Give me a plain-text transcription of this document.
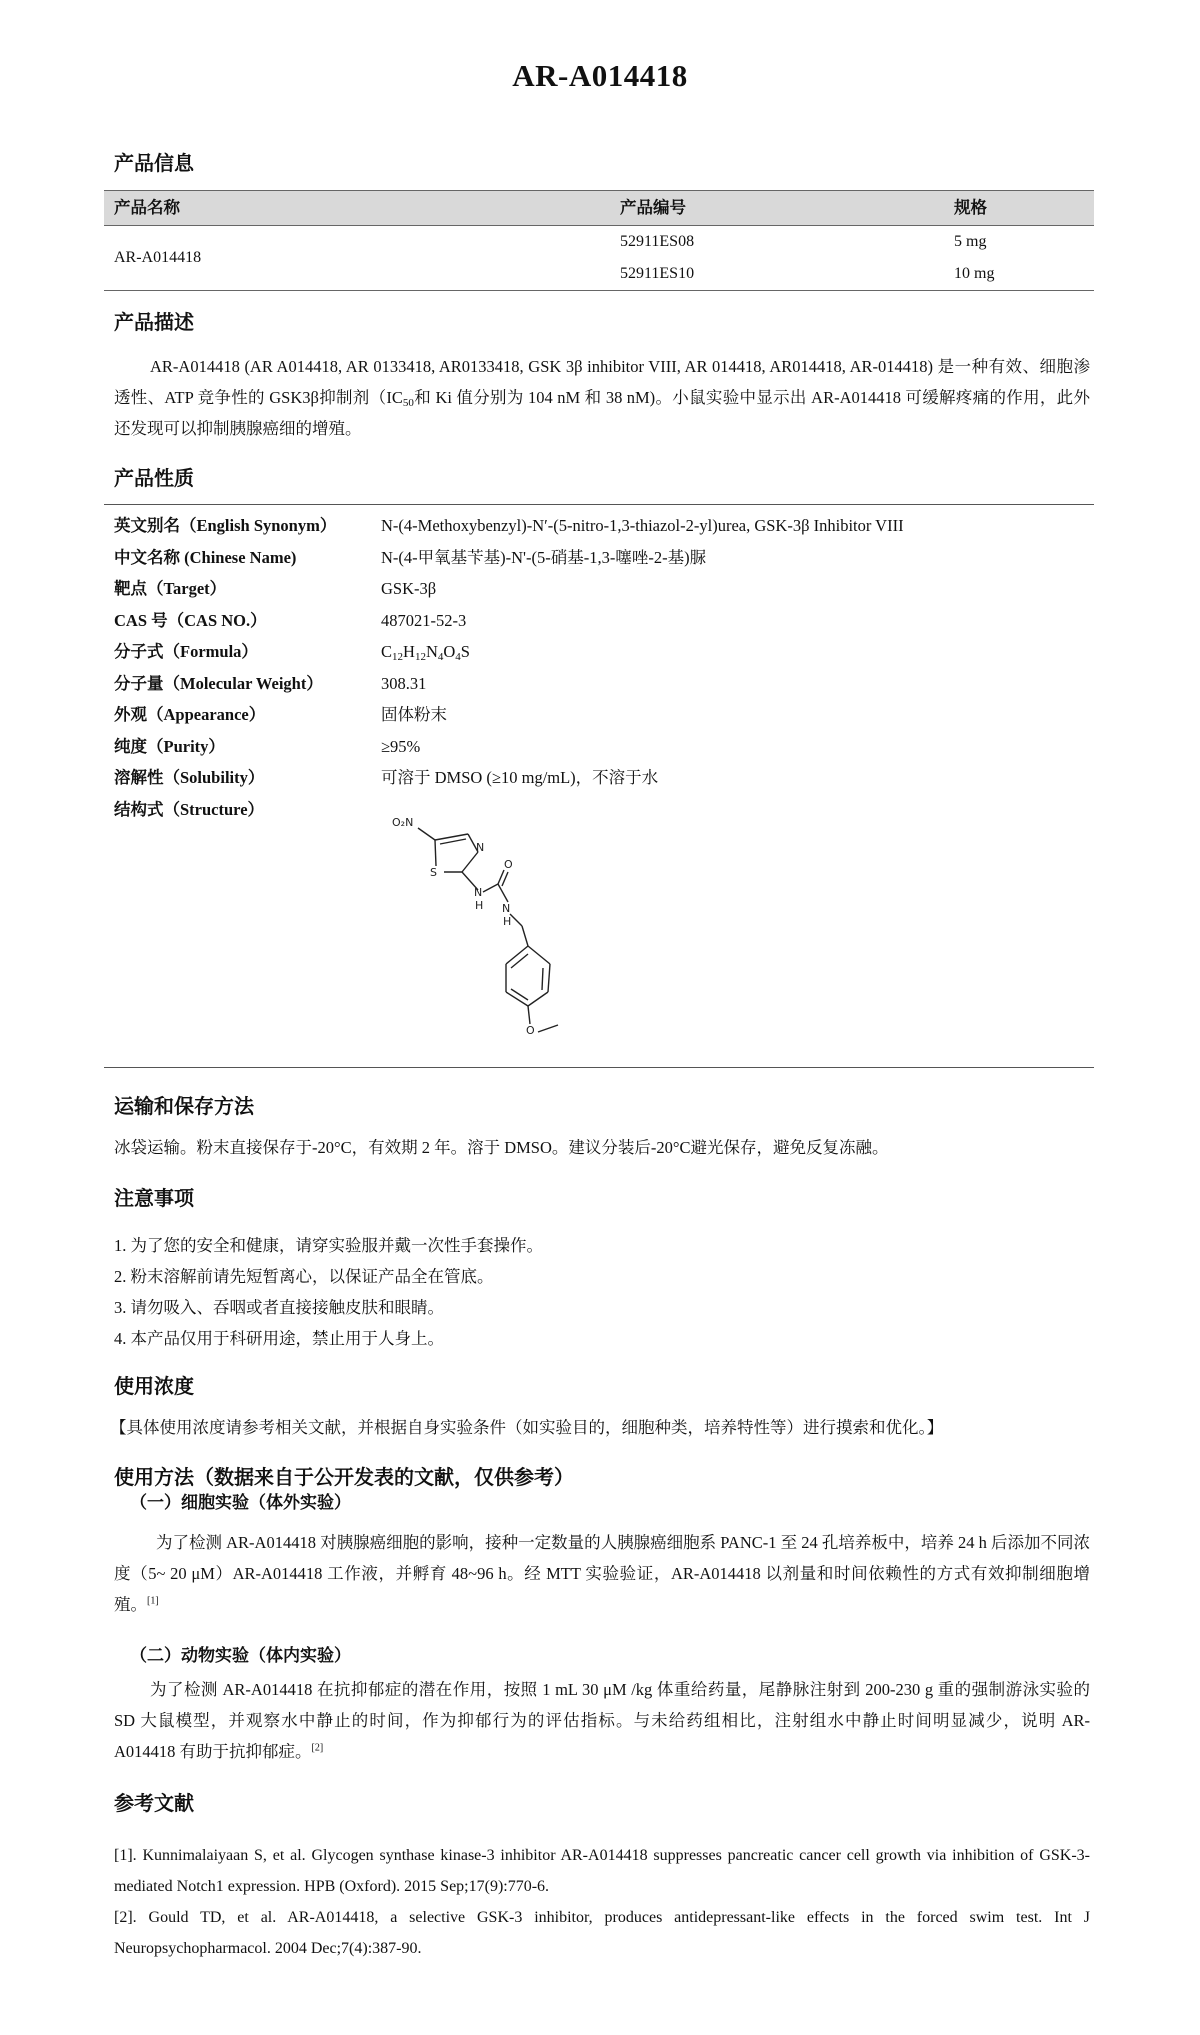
AR-A014418
产品信息
产品名称	产品编号	规格
AR-A014418
52911ES08	5 mg
52911ES10	10 mg
产品描述
AR-A014418 (AR A014418, AR 0133418, AR0133418, GSK 3β inhibitor VIII, AR 014418, AR014418, AR-014418) 是一种有效、细胞渗透性、ATP 竞争性的 GSK3β抑制剂（$IC_{50}$和 Ki 值分别为 104 nM 和 38 nM)。小鼠实验中显示出 AR-A014418 可缓解疼痛的作用，此外还发现可以抑制胰腺癌细的增殖。
产品性质
英文别名（English Synonym）	N-(4-Methoxybenzyl)-N′-(5-nitro-1,3-thiazol-2-yl)urea, GSK-3β Inhibitor VIII
中文名称 (Chinese Name)	N-(4-甲氧基苄基)-N'-(5-硝基-1,3-噻唑-2-基)脲
靶点（Target）	GSK-3β
CAS 号（CAS NO.）	487021-52-3
分子式（Formula）	$C_{12}H_{12}N_4O_4S$
分子量（Molecular Weight）	308.31
外观（Appearance）	固体粉末
纯度（Purity）	≥95%
溶解性（Solubility）	可溶于 DMSO (≥10 mg/mL)，不溶于水
结构式（Structure）
O₂N
S
N
O
N
H N
H
O
运输和保存方法
冰袋运输。粉末直接保存于-20°C，有效期 2 年。溶于 DMSO。建议分装后-20°C避光保存，避免反复冻融。
注意事项
1. 为了您的安全和健康，请穿实验服并戴一次性手套操作。
2. 粉末溶解前请先短暂离心，以保证产品全在管底。
3. 请勿吸入、吞咽或者直接接触皮肤和眼睛。
4. 本产品仅用于科研用途，禁止用于人身上。
使用浓度
【具体使用浓度请参考相关文献，并根据自身实验条件（如实验目的，细胞种类，培养特性等）进行摸索和优化。】
使用方法（数据来自于公开发表的文献，仅供参考）
（一）细胞实验（体外实验）
为了检测 AR-A014418 对胰腺癌细胞的影响，接种一定数量的人胰腺癌细胞系 PANC-1 至 24 孔培养板中，培养 24 h 后添加不同浓度（5~ 20 μM）AR-A014418 工作液，并孵育 48~96 h。经 MTT 实验验证，AR-A014418 以剂量和时间依赖性的方式有效抑制细胞增殖。[1]
（二）动物实验（体内实验）
为了检测 AR-A014418 在抗抑郁症的潜在作用，按照 1 mL 30 μM /kg 体重给药量，尾静脉注射到 200-230 g 重的强制游泳实验的 SD 大鼠模型，并观察水中静止的时间，作为抑郁行为的评估指标。与未给药组相比，注射组水中静止时间明显减少，说明 AR-A014418 有助于抗抑郁症。[2]
参考文献
[1]. Kunnimalaiyaan S, et al. Glycogen synthase kinase-3 inhibitor AR-A014418 suppresses pancreatic cancer cell growth via inhibition of GSK-3-mediated Notch1 expression. HPB (Oxford). 2015 Sep;17(9):770-6.
[2]. Gould TD, et al. AR-A014418, a selective GSK-3 inhibitor, produces antidepressant-like effects in the forced swim test. Int J Neuropsychopharmacol. 2004 Dec;7(4):387-90.
